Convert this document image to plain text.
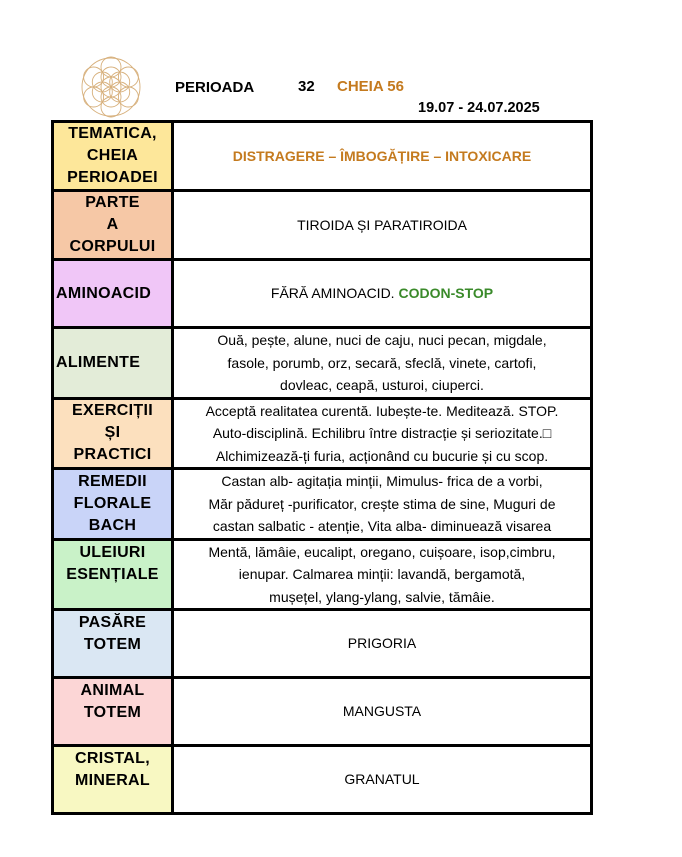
PERIOADA	32 CHEIA 56
19.07 - 24.07.2025
TEMATICA,
CHEIA
PERIOADEI	DISTRAGERE – ÎMBOGĂȚIRE – INTOXICARE

PARTE
A
CORPULUI	TIROIDA ȘI PARATIROIDA
AMINOACID	FĂRĂ AMINOACID. CODON-STOP
ALIMENTE	Ouă, pește, alune, nuci de caju, nuci pecan, migdale,
fasole, porumb, orz, secară, sfeclă, vinete, cartofi,
dovleac, ceapă, usturoi, ciuperci.

EXERCIȚII
ȘI
PRACTICI	Acceptă realitatea curentă. Iubește-te. Meditează. STOP.
Auto-disciplină. Echilibru între distracție și seriozitate.□
Alchimizează-ți furia, acționând cu bucurie și cu scop.

REMEDII
FLORALE
BACH	Castan alb- agitația minții, Mimulus- frica de a vorbi,
Măr pădureț -purificator, crește stima de sine, Muguri de
castan salbatic - atenție, Vita alba- diminuează visarea

ULEIURI
ESENȚIALE	Mentă, lămâie, eucalipt, oregano, cuișoare, isop,cimbru,
ienupar. Calmarea minții: lavandă, bergamotă,
mușețel, ylang-ylang, salvie, tămâie.

PASĂRE
TOTEM	PRIGORIA

ANIMAL
TOTEM	MANGUSTA

CRISTAL,
MINERAL	GRANATUL
